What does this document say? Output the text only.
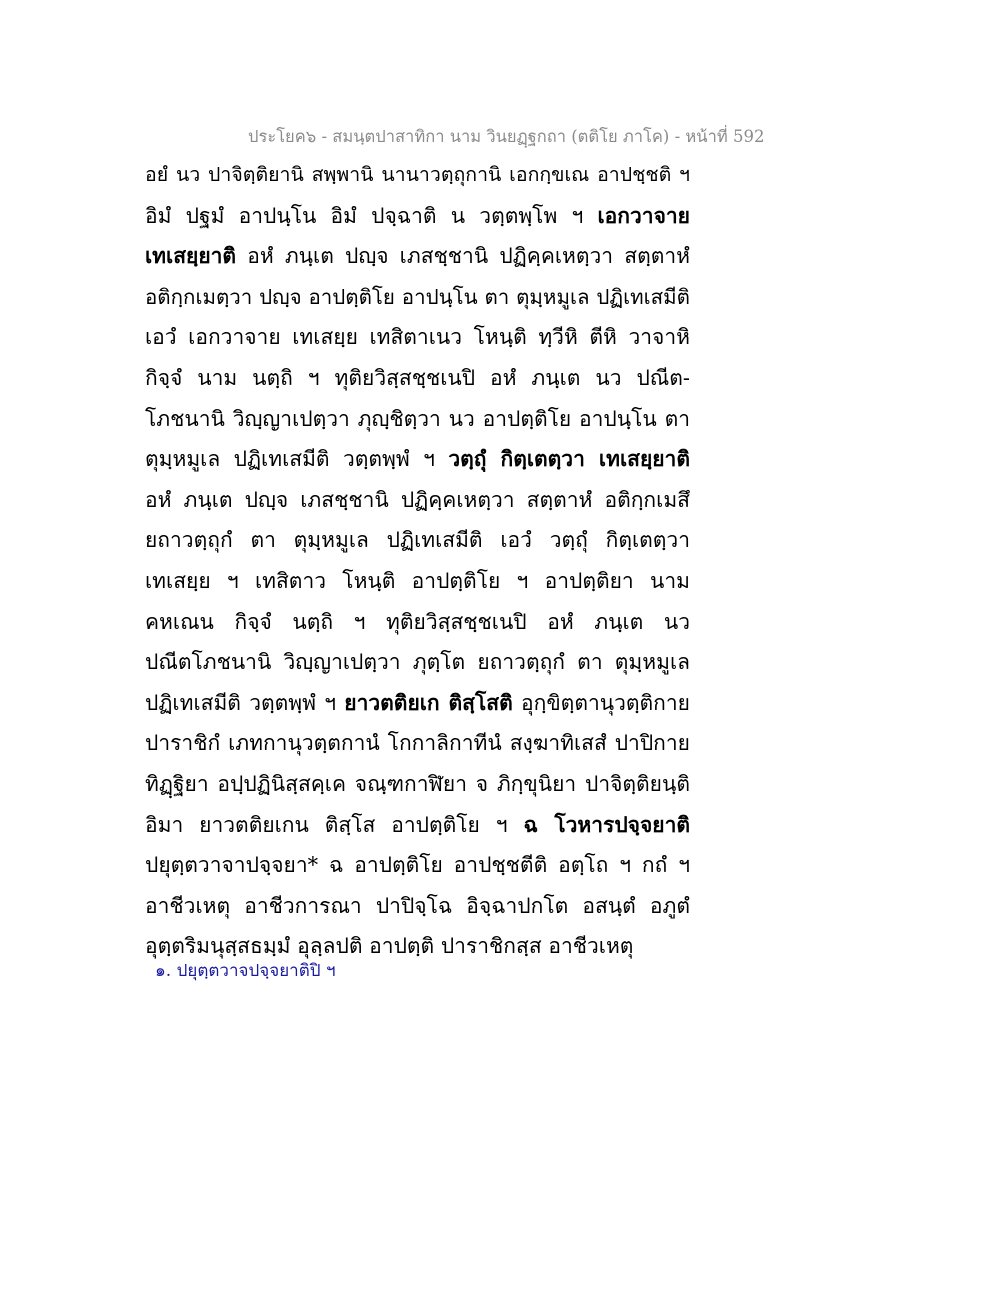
ประโยค๖ - สมนฺตปาสาทิกา นาม วินยฏฺฐกถา (ตติโย ภาโค) - หน้าที่ 592
อยํ นว ปาจิตฺติยานิ สพฺพานิ นานาวตฺถุกานิ เอกกฺขเณ อาปชฺชติ ฯ
อิมํ ปฐมํ อาปนฺโน อิมํ ปจฺฉาติ น วตฺตพฺโพ ฯ เอกวาจาย
เทเสยฺยาติ อหํ ภนฺเต ปญฺจ เภสชฺชานิ ปฏิคฺคเหตฺวา สตฺตาหํ
อติกฺกเมตฺวา ปญฺจ อาปตฺติโย อาปนฺโน ตา ตุมฺหมูเล ปฏิเทเสมีติ
เอวํ เอกวาจาย เทเสยฺย เทสิตาเนว โหนฺติ ทฺวีหิ ตีหิ วาจาหิ
กิจฺจํ นาม นตฺถิ ฯ ทุติยวิสฺสชฺชเนปิ อหํ ภนฺเต นว ปณีต-
โภชนานิ วิญฺญาเปตฺวา ภุญฺชิตฺวา นว อาปตฺติโย อาปนฺโน ตา
ตุมฺหมูเล ปฏิเทเสมีติ วตฺตพฺพํ ฯ วตฺถุํ กิตฺเตตฺวา เทเสยฺยาติ
อหํ ภนฺเต ปญฺจ เภสชฺชานิ ปฏิคฺคเหตฺวา สตฺตาหํ อติกฺกเมสึ
ยถาวตฺถุกํ ตา ตุมฺหมูเล ปฏิเทเสมีติ เอวํ วตฺถุํ กิตฺเตตฺวา
เทเสยฺย ฯ เทสิตาว โหนฺติ อาปตฺติโย ฯ อาปตฺติยา นาม
คหเณน กิจฺจํ นตฺถิ ฯ ทุติยวิสฺสชฺชเนปิ อหํ ภนฺเต นว
ปณีตโภชนานิ วิญฺญาเปตฺวา ภุตฺโต ยถาวตฺถุกํ ตา ตุมฺหมูเล
ปฏิเทเสมีติ วตฺตพฺพํ ฯ ยาวตติยเก ติสฺโสติ อุกฺขิตฺตานุวตฺติกาย
ปาราชิกํ เภทกานุวตฺตกานํ โกกาลิกาทีนํ สงฺฆาทิเสสํ ปาปิกาย
ทิฏฺฐิยา อปฺปฏินิสฺสคฺเค จณฺฑกาฬิยา จ ภิกฺขุนิยา ปาจิตฺติยนฺติ
อิมา ยาวตติยเกน ติสฺโส อาปตฺติโย ฯ ฉ โวหารปจฺจยาติ
ปยุตฺตวาจาปจฺจยา* ฉ อาปตฺติโย อาปชฺชตีติ อตฺโถ ฯ กถํ ฯ
อาชีวเหตุ อาชีวการณา ปาปิจฺโฉ อิจฺฉาปกโต อสนฺตํ อภูตํ
อุตฺตริมนุสฺสธมฺมํ อุลฺลปติ อาปตฺติ ปาราชิกสฺส อาชีวเหตุ
๑. ปยุตฺตวาจปจฺจยาติปิ ฯ
